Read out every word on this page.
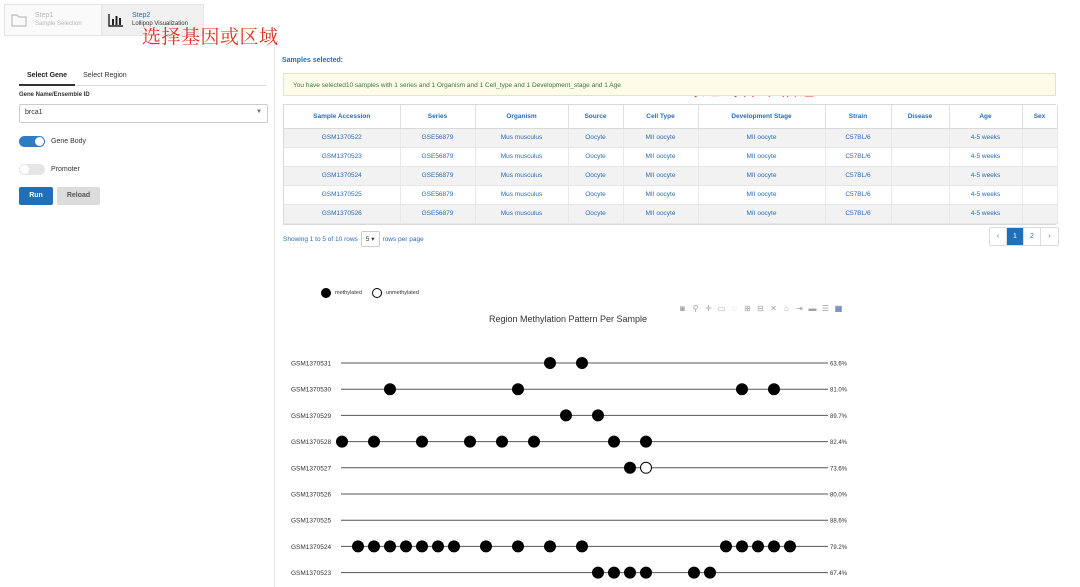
Step1
Sample Selection
Step2
Lollipop Visualization
Select Gene	Select Region
Gene Name/Ensemble ID
brca1	▼
Gene Body
Promoter
Run	Reload
选择基因或区域
Samples selected:
You have selected10 samples with 1 series and 1 Organism and 1 Cell_type and 1 Development_stage and 1 Age
Sample Accession	Series	Organism	Source	Cell Type	Development Stage	Strain	Disease	Age	Sex
GSM1370522	GSE56879	Mus musculus	Oocyte	MII oocyte	MII oocyte	C57BL/6		4-5 weeks	
GSM1370523	GSE56879	Mus musculus	Oocyte	MII oocyte	MII oocyte	C57BL/6		4-5 weeks	
GSM1370524	GSE56879	Mus musculus	Oocyte	MII oocyte	MII oocyte	C57BL/6		4-5 weeks	
GSM1370525	GSE56879	Mus musculus	Oocyte	MII oocyte	MII oocyte	C57BL/6		4-5 weeks	
GSM1370526	GSE56879	Mus musculus	Oocyte	MII oocyte	MII oocyte	C57BL/6		4-5 weeks	
Showing 1 to 5 of 10 rows	5 ▾	rows per page	‹	1	2	›
methylated	unmethylated
◙ ⚲ ✛ ▭ ◌ ⊞ ⊟ ✕ ⌂ ⇥ ▬ ☰ ▦
Region Methylation Pattern Per Sample
GSM1370531	63.6%
GSM1370530	81.0%
GSM1370529	89.7%
GSM1370528	82.4%
GSM1370527	73.6%
GSM1370526	80.0%
GSM1370525	88.6%
GSM1370524	79.2%
GSM1370523	67.4%
